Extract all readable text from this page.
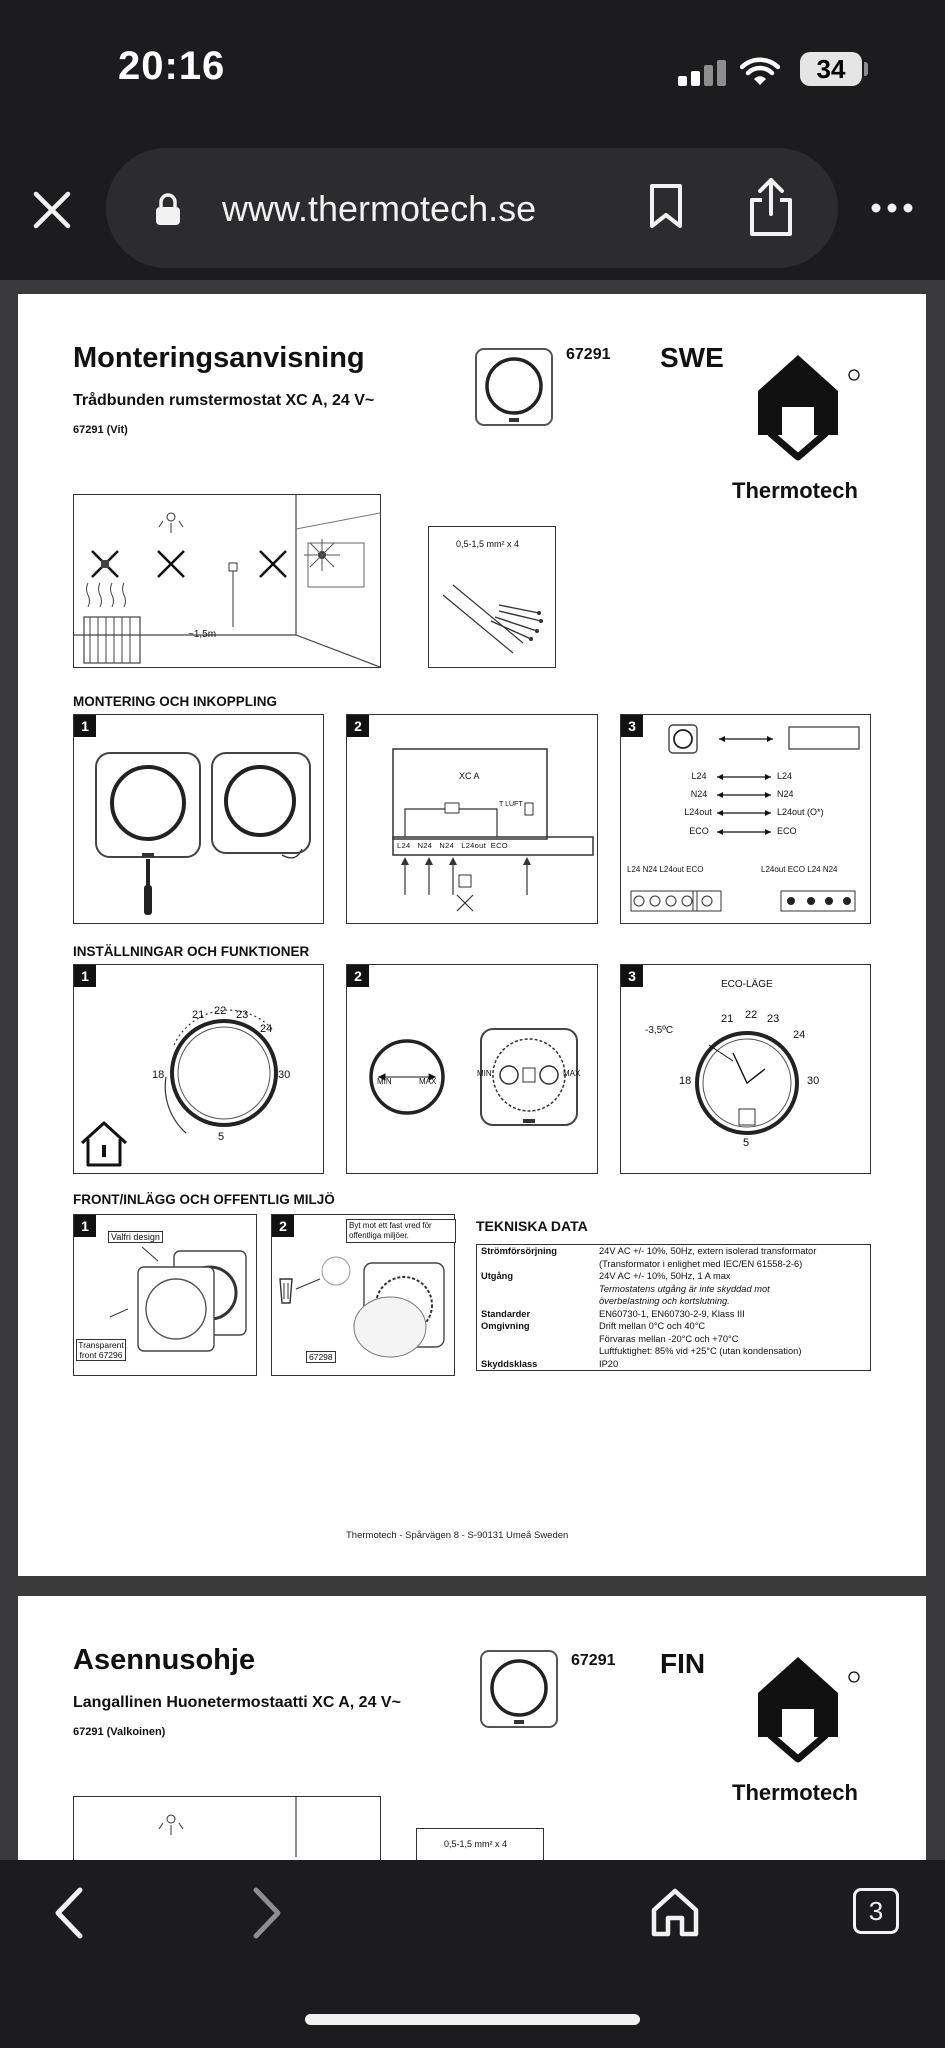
20:16	34
www.thermotech.se
Monteringsanvisning
Trådbunden rumstermostat XC A, 24 V~
67291 (Vit)
67291 SWE
Thermotech
~1,5m
0,5-1,5 mm² x 4
MONTERING OCH INKOPPLING
1	2
XC A
T LUFT
L24 N24 N24 L24out ECO
3
L24
N24
L24out
ECO
L24
N24
L24out (O*)
ECO
L24 N24 L24out ECO	L24out ECO L24 N24
INSTÄLLNINGAR OCH FUNKTIONER
1
21 22 23
24
30
18
5
2
MIN	MAX
MIN	MAX
3
ECO-LÄGE
-3,5ºC
21 22 23
24
30
18
5
FRONT/INLÄGG OCH OFFENTLIG MILJÖ
1
Valfri design
Transparent front 67296
2	Byt mot ett fast vred för offentliga miljöer.
67298
TEKNISKA DATA
Strömförsörjning	24V AC +/- 10%, 50Hz, extern isolerad transformator
(Transformator i enlighet med IEC/EN 61558-2-6)

Utgång	24V AC +/- 10%, 50Hz, 1 A max
Termostatens utgång är inte skyddad mot
överbelastning och kortslutning.

Standarder	EN60730-1, EN60730-2-9, Klass III

Omgivning	Drift mellan 0°C och 40°C
Förvaras mellan -20°C och +70°C
Luftfuktighet: 85% vid +25°C (utan kondensation)

Skyddsklass	IP20
Thermotech - Spårvägen 8 - S-90131 Umeå Sweden
Asennusohje
Langallinen Huonetermostaatti XC A, 24 V~
67291 (Valkoinen)
67291 FIN
Thermotech
0,5-1,5 mm² x 4
3
